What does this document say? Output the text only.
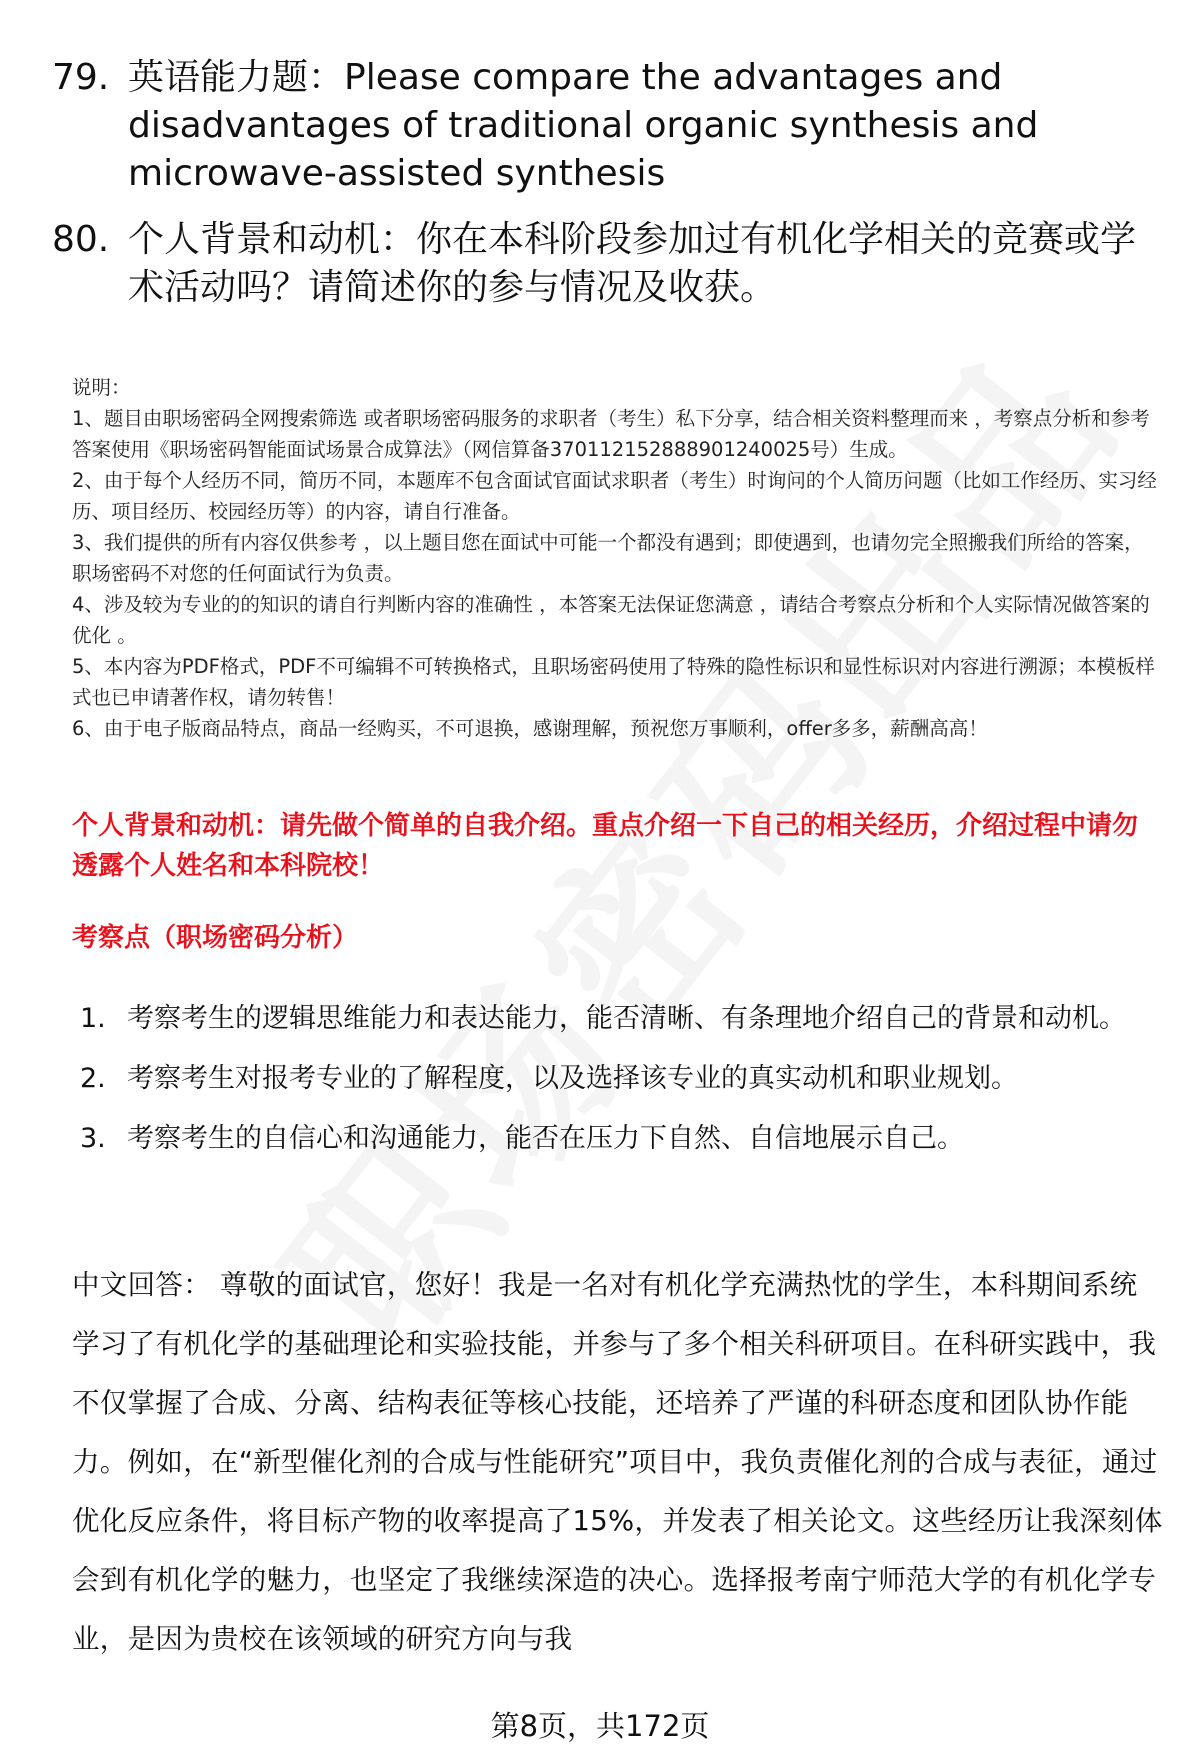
79. 英语能力题：Please compare the advantages and disadvantages of traditional organic synthesis and microwave-assisted synthesis
80. 个人背景和动机：你在本科阶段参加过有机化学相关的竞赛或学术活动吗？请简述你的参与情况及收获。
说明：
1、题目由职场密码全网搜索筛选 或者职场密码服务的求职者（考生）私下分享，结合相关资料整理而来 ，考察点分析和参考答案使用《职场密码智能面试场景合成算法》（网信算备370112152888901240025号）生成。
2、由于每个人经历不同，简历不同，本题库不包含面试官面试求职者（考生）时询问的个人简历问题（比如工作经历、实习经历、项目经历、校园经历等）的内容，请自行准备。
3、我们提供的所有内容仅供参考 ，以上题目您在面试中可能一个都没有遇到；即使遇到，也请勿完全照搬我们所给的答案，职场密码不对您的任何面试行为负责。
4、涉及较为专业的的知识的请自行判断内容的准确性 ，本答案无法保证您满意 ，请结合考察点分析和个人实际情况做答案的优化 。
5、本内容为PDF格式，PDF不可编辑不可转换格式，且职场密码使用了特殊的隐性标识和显性标识对内容进行溯源；本模板样式也已申请著作权，请勿转售！
6、由于电子版商品特点，商品一经购买，不可退换，感谢理解，预祝您万事顺利，offer多多，薪酬高高！
个人背景和动机：请先做个简单的自我介绍。重点介绍一下自己的相关经历，介绍过程中请勿透露个人姓名和本科院校！
考察点（职场密码分析）
1. 考察考生的逻辑思维能力和表达能力，能否清晰、有条理地介绍自己的背景和动机。
2. 考察考生对报考专业的了解程度，以及选择该专业的真实动机和职业规划。
3. 考察考生的自信心和沟通能力，能否在压力下自然、自信地展示自己。
中文回答： 尊敬的面试官，您好！我是一名对有机化学充满热忱的学生，本科期间系统学习了有机化学的基础理论和实验技能，并参与了多个相关科研项目。在科研实践中，我不仅掌握了合成、分离、结构表征等核心技能，还培养了严谨的科研态度和团队协作能力。例如，在“新型催化剂的合成与性能研究”项目中，我负责催化剂的合成与表征，通过优化反应条件，将目标产物的收率提高了15%，并发表了相关论文。这些经历让我深刻体会到有机化学的魅力，也坚定了我继续深造的决心。选择报考南宁师范大学的有机化学专业，是因为贵校在该领域的研究方向与我
第8页，共172页
